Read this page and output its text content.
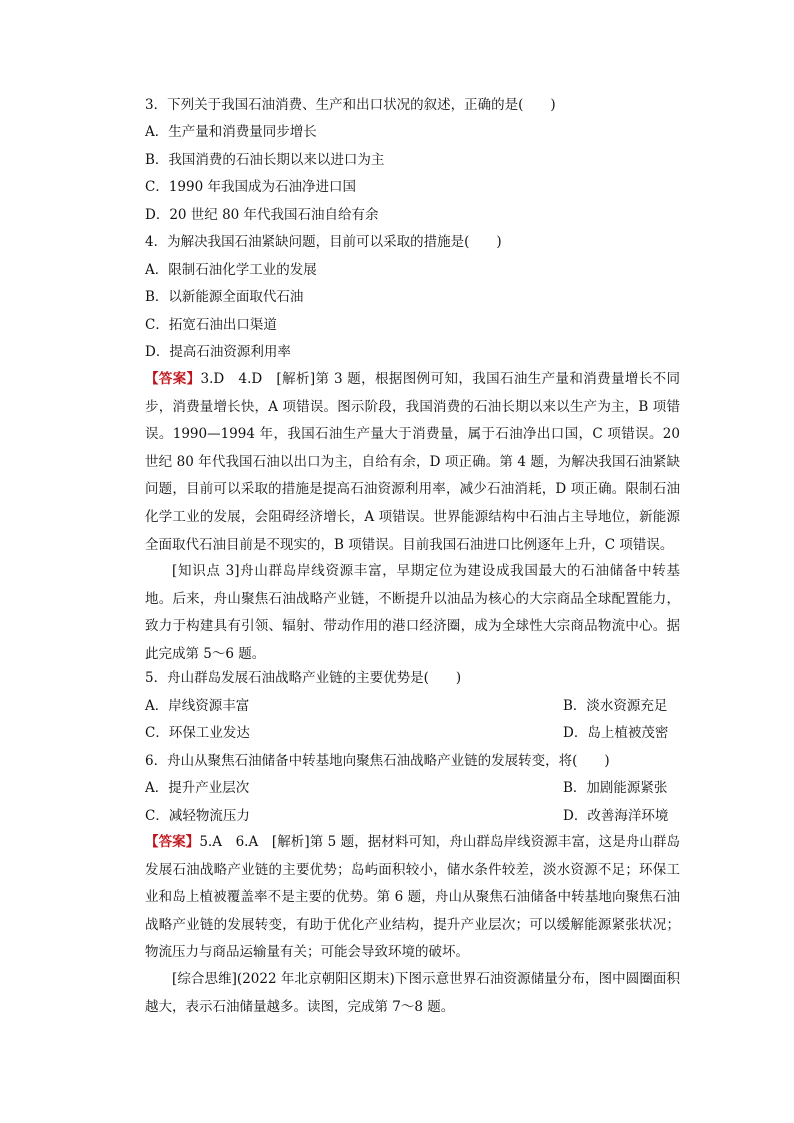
3．下列关于我国石油消费、生产和出口状况的叙述，正确的是(　　)
A．生产量和消费量同步增长
B．我国消费的石油长期以来以进口为主
C．1990 年我国成为石油净进口国
D．20 世纪 80 年代我国石油自给有余
4．为解决我国石油紧缺问题，目前可以采取的措施是(　　)
A．限制石油化学工业的发展
B．以新能源全面取代石油
C．拓宽石油出口渠道
D．提高石油资源利用率
【答案】3.D　4.D　[解析]第 3 题，根据图例可知，我国石油生产量和消费量增长不同步，消费量增长快，A 项错误。图示阶段，我国消费的石油长期以来以生产为主，B 项错误。1990—1994 年，我国石油生产量大于消费量，属于石油净出口国，C 项错误。20 世纪 80 年代我国石油以出口为主，自给有余，D 项正确。第 4 题，为解决我国石油紧缺问题，目前可以采取的措施是提高石油资源利用率，减少石油消耗，D 项正确。限制石油化学工业的发展，会阻碍经济增长，A 项错误。世界能源结构中石油占主导地位，新能源全面取代石油目前是不现实的，B 项错误。目前我国石油进口比例逐年上升，C 项错误。
[知识点 3]舟山群岛岸线资源丰富，早期定位为建设成我国最大的石油储备中转基地。后来，舟山聚焦石油战略产业链，不断提升以油品为核心的大宗商品全球配置能力，致力于构建具有引领、辐射、带动作用的港口经济圈，成为全球性大宗商品物流中心。据此完成第 5～6 题。
5．舟山群岛发展石油战略产业链的主要优势是(　　)
A．岸线资源丰富	B．淡水资源充足
C．环保工业发达	D．岛上植被茂密
6．舟山从聚焦石油储备中转基地向聚焦石油战略产业链的发展转变，将(　　)
A．提升产业层次	B．加剧能源紧张
C．减轻物流压力	D．改善海洋环境
【答案】5.A　6.A　[解析]第 5 题，据材料可知，舟山群岛岸线资源丰富，这是舟山群岛发展石油战略产业链的主要优势；岛屿面积较小，储水条件较差，淡水资源不足；环保工业和岛上植被覆盖率不是主要的优势。第 6 题，舟山从聚焦石油储备中转基地向聚焦石油战略产业链的发展转变，有助于优化产业结构，提升产业层次；可以缓解能源紧张状况；物流压力与商品运输量有关；可能会导致环境的破坏。
[综合思维](2022 年北京朝阳区期末)下图示意世界石油资源储量分布，图中圆圈面积越大，表示石油储量越多。读图，完成第 7～8 题。
